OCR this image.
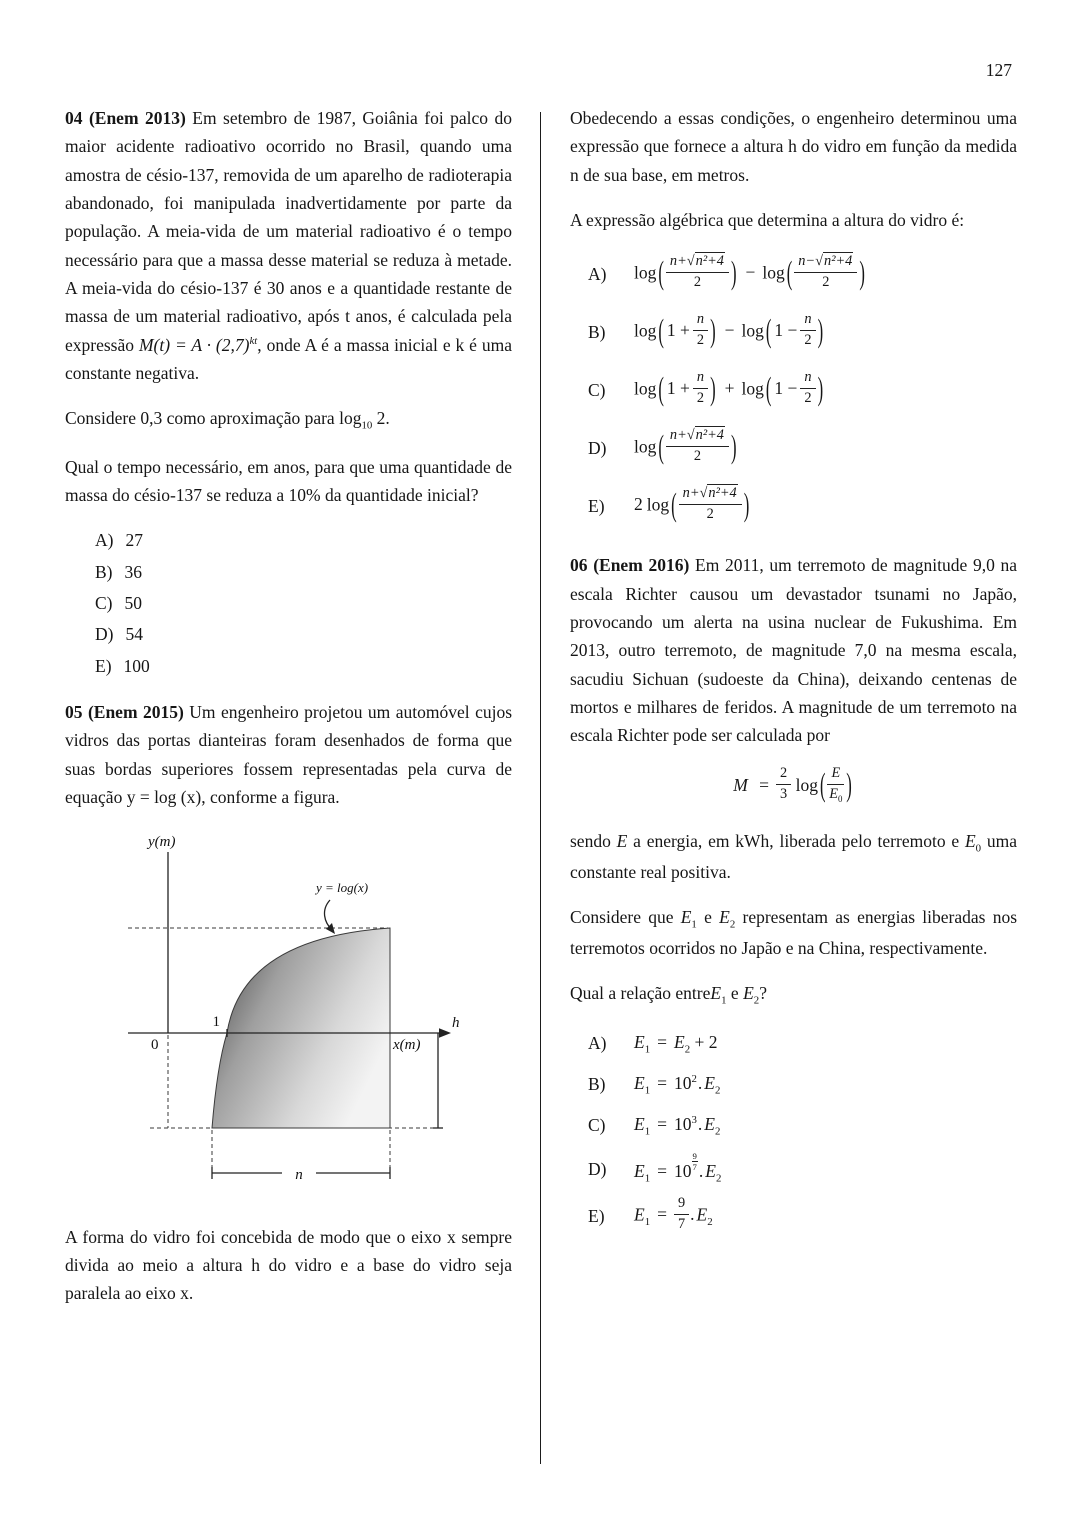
127

04 (Enem 2013) Em setembro de 1987, Goiânia foi palco do maior acidente radioativo ocorrido no Brasil, quando uma amostra de césio-137, removida de um aparelho de radioterapia abandonado, foi manipulada inadvertidamente por parte da população. A meia-vida de um material radioativo é o tempo necessário para que a massa desse material se reduza à metade. A meia-vida do césio-137 é 30 anos e a quantidade restante de massa de um material radioativo, após t anos, é calculada pela expressão $M(t) = A \cdot (2,7)^{kt}$, onde A é a massa inicial e k é uma constante negativa.

Considere 0,3 como aproximação para $\log_{10} 2$.

Qual o tempo necessário, em anos, para que uma quantidade de massa do césio-137 se reduza a 10% da quantidade inicial?

A) 27
B) 36
C) 50
D) 54
E) 100

05 (Enem 2015) Um engenheiro projetou um automóvel cujos vidros das portas dianteiras foram desenhados de forma que suas bordas superiores fossem representadas pela curva de equação y = log (x), conforme a figura.

y(m)
x(m)
h
0
1
y = log(x)
n

A forma do vidro foi concebida de modo que o eixo x sempre divida ao meio a altura h do vidro e a base do vidro seja paralela ao eixo x.

Obedecendo a essas condições, o engenheiro determinou uma expressão que fornece a altura h do vidro em função da medida n de sua base, em metros.

A expressão algébrica que determina a altura do vidro é:

A)	log ( $\frac{\text{n+√n²+4}}{2}$ ) − log ( $\frac{\text{n−√n²+4}}{2}$ )
B)	log ( $1 + \frac{n}{2}$ ) − log ( $1 - \frac{n}{2}$ )
C)	log ( $1 + \frac{n}{2}$ ) + log ( $1 - \frac{n}{2}$ )
D)	log ( $\frac{\text{n+√n²+4}}{2}$ )
E)	2 log ( $\frac{\text{n+√n²+4}}{2}$ )

06 (Enem 2016) Em 2011, um terremoto de magnitude 9,0 na escala Richter causou um devastador tsunami no Japão, provocando um alerta na usina nuclear de Fukushima. Em 2013, outro terremoto, de magnitude 7,0 na mesma escala, sacudiu Sichuan (sudoeste da China), deixando centenas de mortos e milhares de feridos. A magnitude de um terremoto na escala Richter pode ser calculada por

$M = \frac{2}{3}$ log ( $\frac{E}{E_0}$ )

sendo E a energia, em kWh, liberada pelo terremoto e $E_0$ uma constante real positiva.

Considere que $E_1$ e $E_2$ representam as energias liberadas nos terremotos ocorridos no Japão e na China, respectivamente.

Qual a relação entreE$_1$ e $E_2$?

A)	$E_1 = E_2 + 2$
B)	$E_1 = 10^2$. $E_2$
C)	$E_1 = 10^3$. $E_2$
D)	$E_1 = 10 \frac{9}{7}$ . $E_2$
E)	$E_1 = \frac{9}{7}$ . $E_2$
